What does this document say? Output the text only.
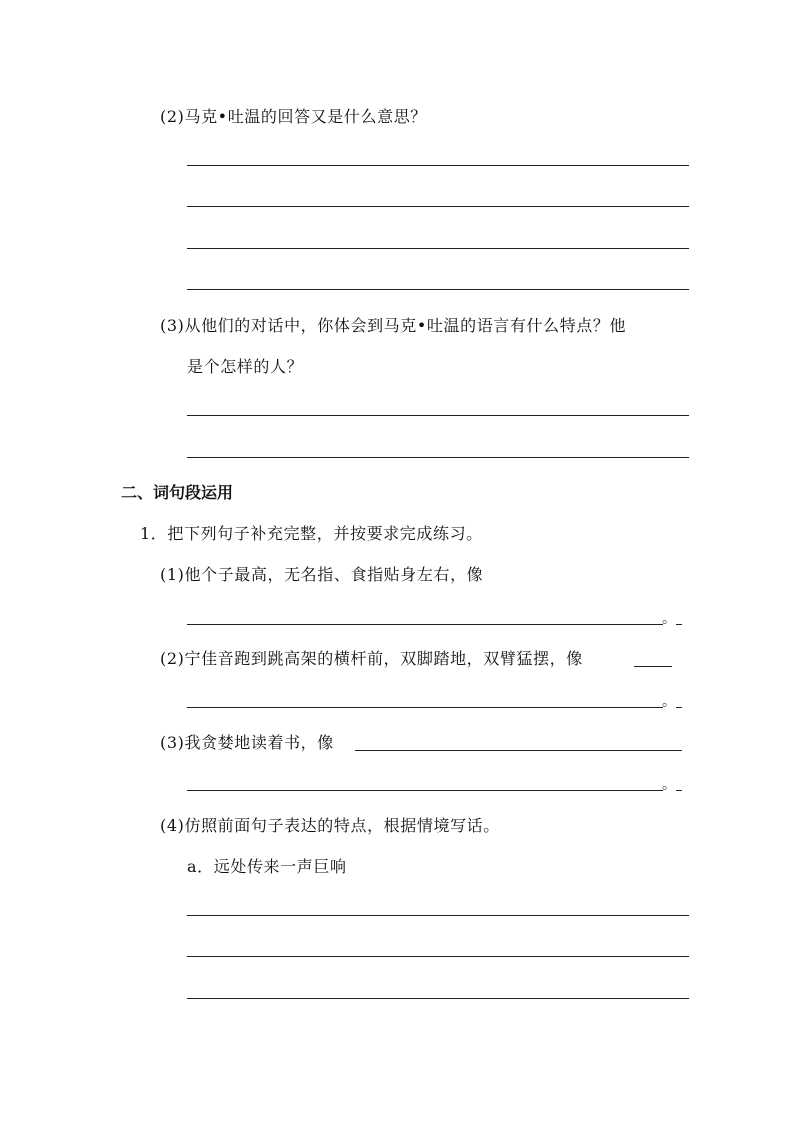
(2)马克•吐温的回答又是什么意思？
(3)从他们的对话中，你体会到马克•吐温的语言有什么特点？他
是个怎样的人？
二、词句段运用
1．把下列句子补充完整，并按要求完成练习。
(1)他个子最高，无名指、食指贴身左右，像
。
(2)宁佳音跑到跳高架的横杆前，双脚踏地，双臂猛摆，像
。
(3)我贪婪地读着书，像
。
(4)仿照前面句子表达的特点，根据情境写话。
a．远处传来一声巨响
